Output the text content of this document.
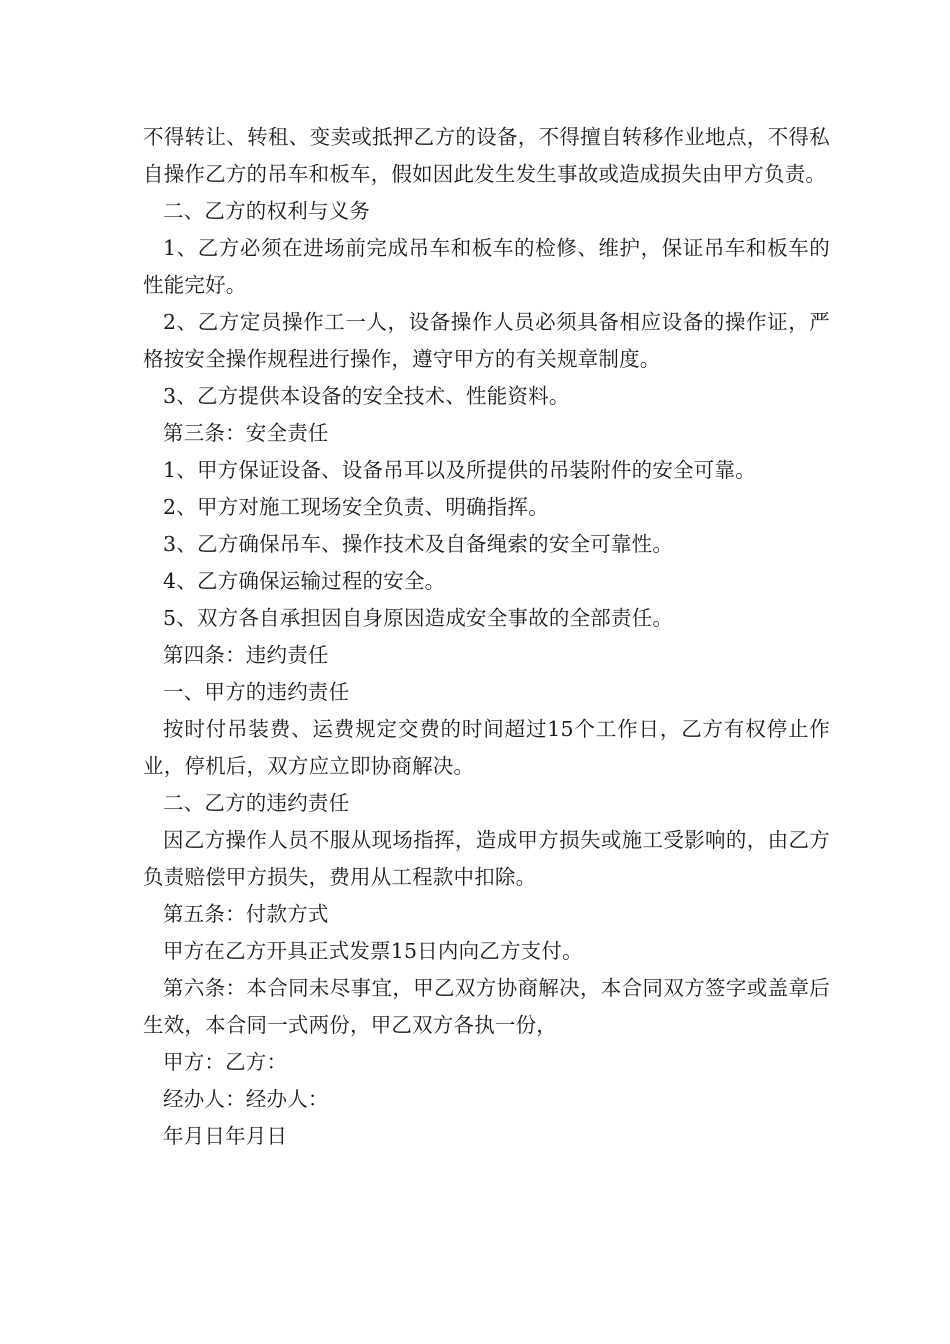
不得转让、转租、变卖或抵押乙方的设备，不得擅自转移作业地点，不得私自操作乙方的吊车和板车，假如因此发生发生事故或造成损失由甲方负责。

二、乙方的权利与义务

1、乙方必须在进场前完成吊车和板车的检修、维护，保证吊车和板车的性能完好。

2、乙方定员操作工一人，设备操作人员必须具备相应设备的操作证，严格按安全操作规程进行操作，遵守甲方的有关规章制度。

3、乙方提供本设备的安全技术、性能资料。

第三条：安全责任

1、甲方保证设备、设备吊耳以及所提供的吊装附件的安全可靠。

2、甲方对施工现场安全负责、明确指挥。

3、乙方确保吊车、操作技术及自备绳索的安全可靠性。

4、乙方确保运输过程的安全。

5、双方各自承担因自身原因造成安全事故的全部责任。

第四条：违约责任

一、甲方的违约责任

按时付吊装费、运费规定交费的时间超过15个工作日，乙方有权停止作业，停机后，双方应立即协商解决。

二、乙方的违约责任

因乙方操作人员不服从现场指挥，造成甲方损失或施工受影响的，由乙方负责赔偿甲方损失，费用从工程款中扣除。

第五条：付款方式

甲方在乙方开具正式发票15日内向乙方支付。

第六条：本合同未尽事宜，甲乙双方协商解决，本合同双方签字或盖章后生效，本合同一式两份，甲乙双方各执一份，

甲方：乙方：

经办人：经办人：

年月日年月日
